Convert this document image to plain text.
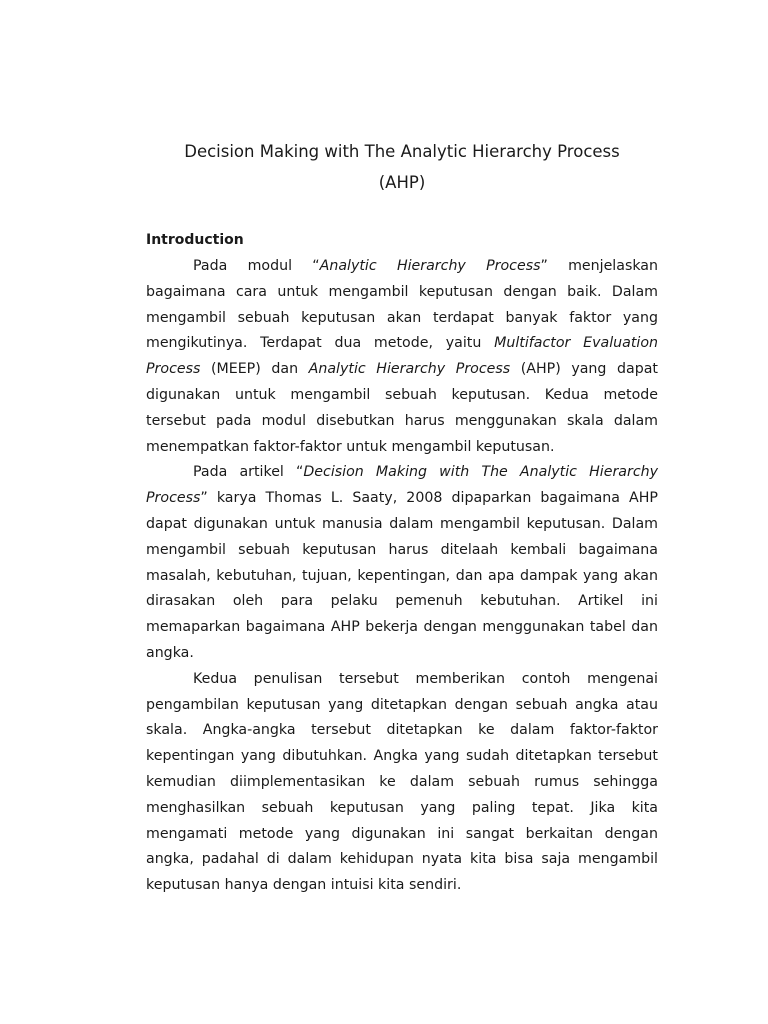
Decision Making with The Analytic Hierarchy Process
(AHP)
Introduction

Pada modul “Analytic Hierarchy Process” menjelaskan bagaimana cara untuk mengambil keputusan dengan baik. Dalam mengambil sebuah keputusan akan terdapat banyak faktor yang mengikutinya. Terdapat dua metode, yaitu Multifactor Evaluation Process (MEEP) dan Analytic Hierarchy Process (AHP) yang dapat digunakan untuk mengambil sebuah keputusan. Kedua metode tersebut pada modul disebutkan harus menggunakan skala dalam menempatkan faktor-faktor untuk mengambil keputusan.

Pada artikel “Decision Making with The Analytic Hierarchy Process” karya Thomas L. Saaty, 2008 dipaparkan bagaimana AHP dapat digunakan untuk manusia dalam mengambil keputusan. Dalam mengambil sebuah keputusan harus ditelaah kembali bagaimana masalah, kebutuhan, tujuan, kepentingan, dan apa dampak yang akan dirasakan oleh para pelaku pemenuh kebutuhan. Artikel ini memaparkan bagaimana AHP bekerja dengan menggunakan tabel dan angka.

Kedua penulisan tersebut memberikan contoh mengenai pengambilan keputusan yang ditetapkan dengan sebuah angka atau skala. Angka-angka tersebut ditetapkan ke dalam faktor-faktor kepentingan yang dibutuhkan. Angka yang sudah ditetapkan tersebut kemudian diimplementasikan ke dalam sebuah rumus sehingga menghasilkan sebuah keputusan yang paling tepat. Jika kita mengamati metode yang digunakan ini sangat berkaitan dengan angka, padahal di dalam kehidupan nyata kita bisa saja mengambil keputusan hanya dengan intuisi kita sendiri.
